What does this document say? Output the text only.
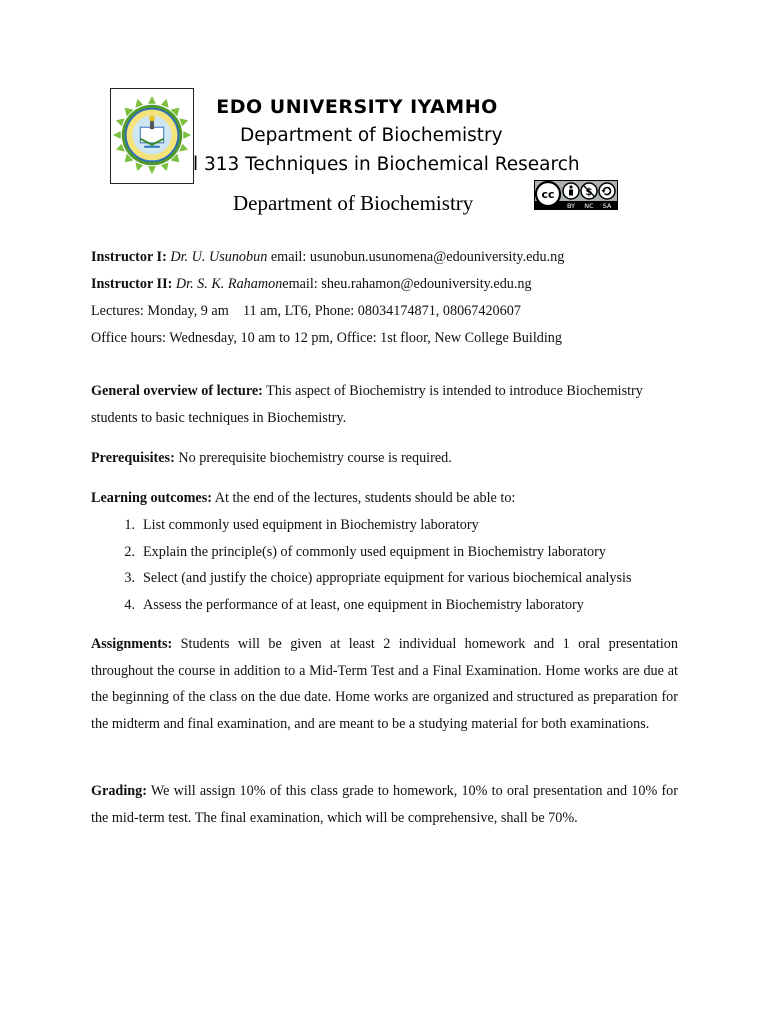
EDO UNIVERSITY IYAMHO
Department of Biochemistry
l 313 Techniques in Biochemical Research
Department of Biochemistry	cc	$
BY NC SA
Instructor I: Dr. U. Usunobun email: usunobun.usunomena@edouniversity.edu.ng
Instructor II: Dr. S. K. Rahamonemail: sheu.rahamon@edouniversity.edu.ng
Lectures: Monday, 9 am    11 am, LT6, Phone: 08034174871, 08067420607
Office hours: Wednesday, 10 am to 12 pm, Office: 1st floor, New College Building
General overview of lecture: This aspect of Biochemistry is intended to introduce Biochemistry students to basic techniques in Biochemistry.
Prerequisites: No prerequisite biochemistry course is required.
Learning outcomes: At the end of the lectures, students should be able to:
1. List commonly used equipment in Biochemistry laboratory
2. Explain the principle(s) of commonly used equipment in Biochemistry laboratory
3. Select (and justify the choice) appropriate equipment for various biochemical analysis
4. Assess the performance of at least, one equipment in Biochemistry laboratory
Assignments: Students will be given at least 2 individual homework and 1 oral presentation throughout the course in addition to a Mid-Term Test and a Final Examination. Home works are due at the beginning of the class on the due date. Home works are organized and structured as preparation for the midterm and final examination, and are meant to be a studying material for both examinations.
Grading: We will assign 10% of this class grade to homework, 10% to oral presentation and 10% for the mid-term test. The final examination, which will be comprehensive, shall be 70%.
